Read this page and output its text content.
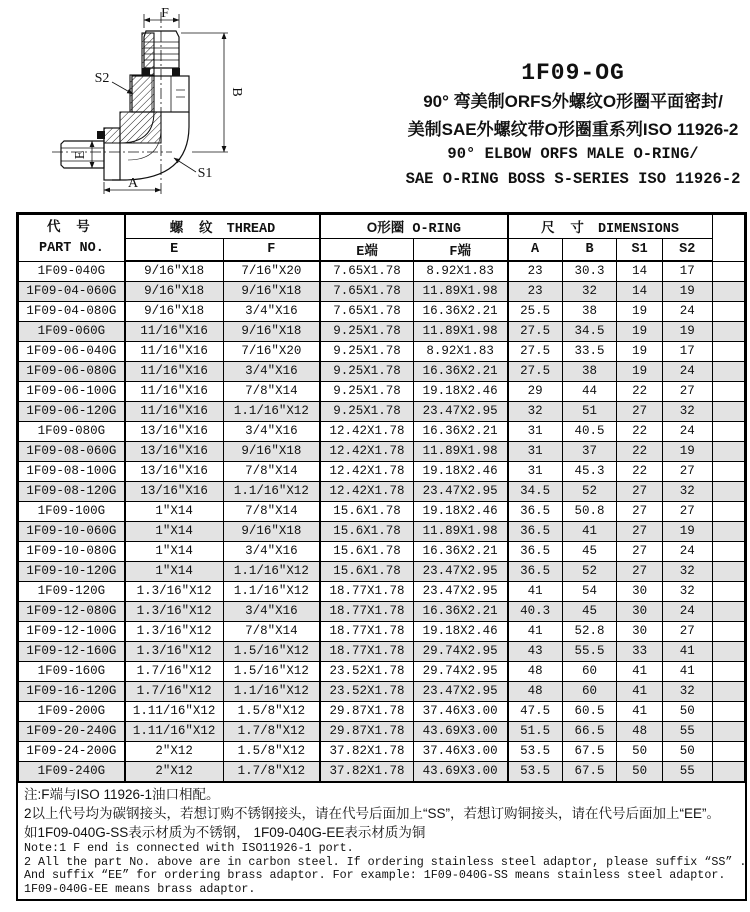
F
B
A
E
S2
S1
1F09-OG
90° 弯美制ORFS外螺纹O形圈平面密封/
美制SAE外螺纹带O形圈重系列ISO 11926-2
90° ELBOW ORFS MALE O-RING/
SAE O-RING BOSS S-SERIES ISO 11926-2
代 号
PART NO.	螺 纹 THREAD		O形圈 O-RING		尺 寸 DIMENSIONS				
	E	F	E端	F端	A	B	S1	S2	
1F09-040G	9/16″X18	7/16″X20	7.65X1.78	8.92X1.83	23	30.3	14	17	
1F09-04-060G	9/16″X18	9/16″X18	7.65X1.78	11.89X1.98	23	32	14	19	
1F09-04-080G	9/16″X18	3/4″X16	7.65X1.78	16.36X2.21	25.5	38	19	24	
1F09-060G	11/16″X16	9/16″X18	9.25X1.78	11.89X1.98	27.5	34.5	19	19	
1F09-06-040G	11/16″X16	7/16″X20	9.25X1.78	8.92X1.83	27.5	33.5	19	17	
1F09-06-080G	11/16″X16	3/4″X16	9.25X1.78	16.36X2.21	27.5	38	19	24	
1F09-06-100G	11/16″X16	7/8″X14	9.25X1.78	19.18X2.46	29	44	22	27	
1F09-06-120G	11/16″X16	1.1/16″X12	9.25X1.78	23.47X2.95	32	51	27	32	
1F09-080G	13/16″X16	3/4″X16	12.42X1.78	16.36X2.21	31	40.5	22	24	
1F09-08-060G	13/16″X16	9/16″X18	12.42X1.78	11.89X1.98	31	37	22	19	
1F09-08-100G	13/16″X16	7/8″X14	12.42X1.78	19.18X2.46	31	45.3	22	27	
1F09-08-120G	13/16″X16	1.1/16″X12	12.42X1.78	23.47X2.95	34.5	52	27	32	
1F09-100G	1″X14	7/8″X14	15.6X1.78	19.18X2.46	36.5	50.8	27	27	
1F09-10-060G	1″X14	9/16″X18	15.6X1.78	11.89X1.98	36.5	41	27	19	
1F09-10-080G	1″X14	3/4″X16	15.6X1.78	16.36X2.21	36.5	45	27	24	
1F09-10-120G	1″X14	1.1/16″X12	15.6X1.78	23.47X2.95	36.5	52	27	32	
1F09-120G	1.3/16″X12	1.1/16″X12	18.77X1.78	23.47X2.95	41	54	30	32	
1F09-12-080G	1.3/16″X12	3/4″X16	18.77X1.78	16.36X2.21	40.3	45	30	24	
1F09-12-100G	1.3/16″X12	7/8″X14	18.77X1.78	19.18X2.46	41	52.8	30	27	
1F09-12-160G	1.3/16″X12	1.5/16″X12	18.77X1.78	29.74X2.95	43	55.5	33	41	
1F09-160G	1.7/16″X12	1.5/16″X12	23.52X1.78	29.74X2.95	48	60	41	41	
1F09-16-120G	1.7/16″X12	1.1/16″X12	23.52X1.78	23.47X2.95	48	60	41	32	
1F09-200G	1.11/16″X12	1.5/8″X12	29.87X1.78	37.46X3.00	47.5	60.5	41	50	
1F09-20-240G	1.11/16″X12	1.7/8″X12	29.87X1.78	43.69X3.00	51.5	66.5	48	55	
1F09-24-200G	2″X12	1.5/8″X12	37.82X1.78	37.46X3.00	53.5	67.5	50	50	
1F09-240G	2″X12	1.7/8″X12	37.82X1.78	43.69X3.00	53.5	67.5	50	55	
注:F端与ISO 11926-1油口相配。
2以上代号均为碳钢接头，若想订购不锈钢接头，请在代号后面加上“SS”，若想订购铜接头，请在代号后面加上“EE”。
如1F09-040G-SS表示材质为不锈钢， 1F09-040G-EE表示材质为铜
Note:1 F end is connected with ISO11926-1 port.
2 All the part No. above are in carbon steel. If ordering stainless steel adaptor, please suffix “SS” .
And suffix “EE” for ordering brass adaptor. For example: 1F09-040G-SS means stainless steel adaptor.
1F09-040G-EE means brass adaptor.
